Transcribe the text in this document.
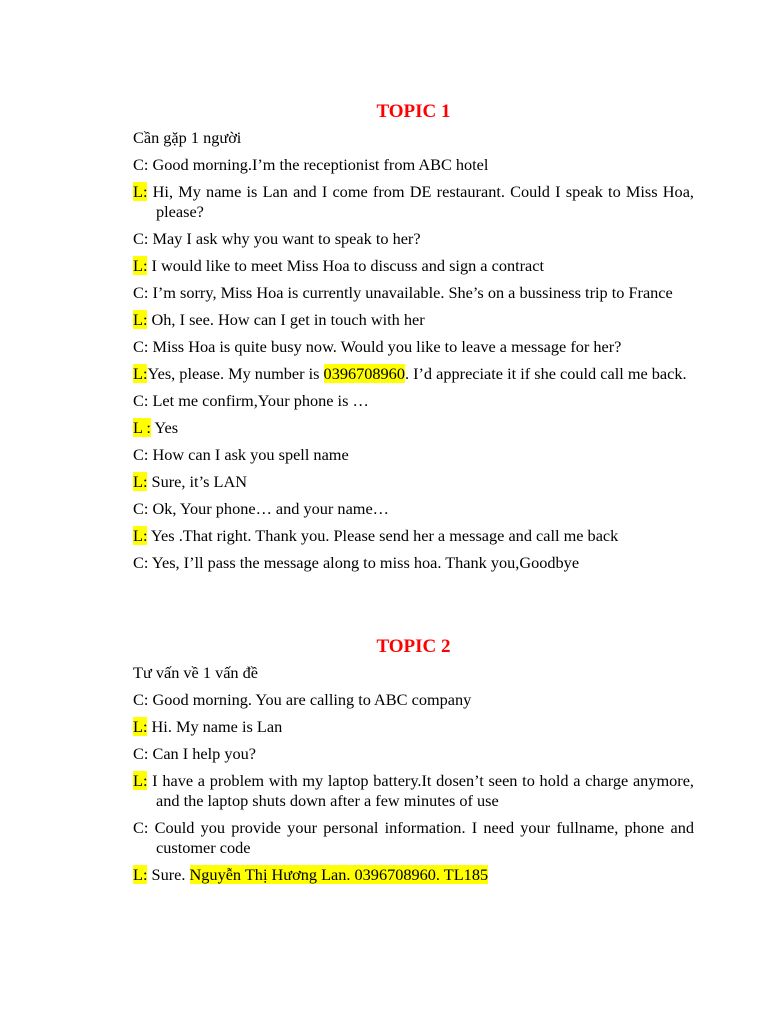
TOPIC 1
Cần gặp 1 người
C: Good morning.I’m the receptionist from ABC hotel
L: Hi, My name is Lan and I come from DE restaurant. Could I speak to Miss Hoa, please?
C: May I ask why you want to speak to her?
L: I would like to meet Miss Hoa to discuss and sign a contract
C: I’m sorry, Miss Hoa is currently unavailable. She’s on a bussiness trip to France
L: Oh, I see. How can I get in touch with her
C: Miss Hoa is quite busy now. Would you like to leave a message for her?
L:Yes, please. My number is 0396708960. I’d appreciate it if she could call me back.
C: Let me confirm,Your phone is …
L : Yes
C: How can I ask you spell name
L: Sure, it’s LAN
C: Ok, Your phone… and your name…
L: Yes .That right. Thank you. Please send her a message and call me back
C: Yes, I’ll pass the message along to miss hoa. Thank you,Goodbye
TOPIC 2
Tư vấn về 1 vấn đề
C: Good morning. You are calling to ABC company
L: Hi. My name is Lan
C: Can I help you?
L: I have a problem with my laptop battery.It dosen’t seen to hold a charge anymore, and the laptop shuts down after a few minutes of use
C: Could you provide your personal information. I need your fullname, phone and customer code
L: Sure. Nguyễn Thị Hương Lan. 0396708960. TL185
